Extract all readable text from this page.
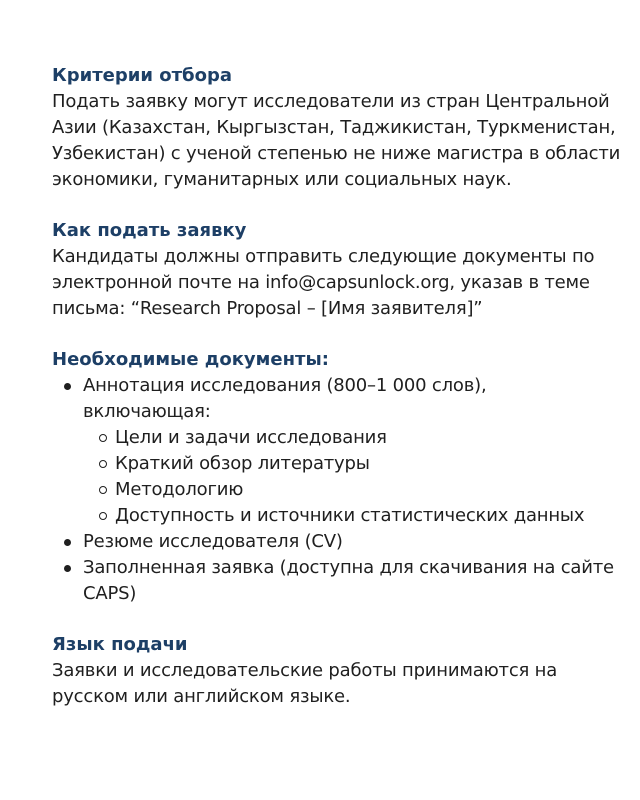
Критерии отбора

Подать заявку могут исследователи из стран Центральной
Азии (Казахстан, Кыргызстан, Таджикистан, Туркменистан,
Узбекистан) с ученой степенью не ниже магистра в области
экономики, гуманитарных или социальных наук.

Как подать заявку

Кандидаты должны отправить следующие документы по
электронной почте на info@capsunlock.org, указав в теме
письма: “Research Proposal – [Имя заявителя]”

Необходимые документы:
Аннотация исследования (800–1 000 слов),
включающая:
Цели и задачи исследования
Краткий обзор литературы
Методологию
Доступность и источники статистических данных
Резюме исследователя (CV)
Заполненная заявка (доступна для скачивания на сайте
CAPS)
Язык подачи

Заявки и исследовательские работы принимаются на
русском или английском языке.
